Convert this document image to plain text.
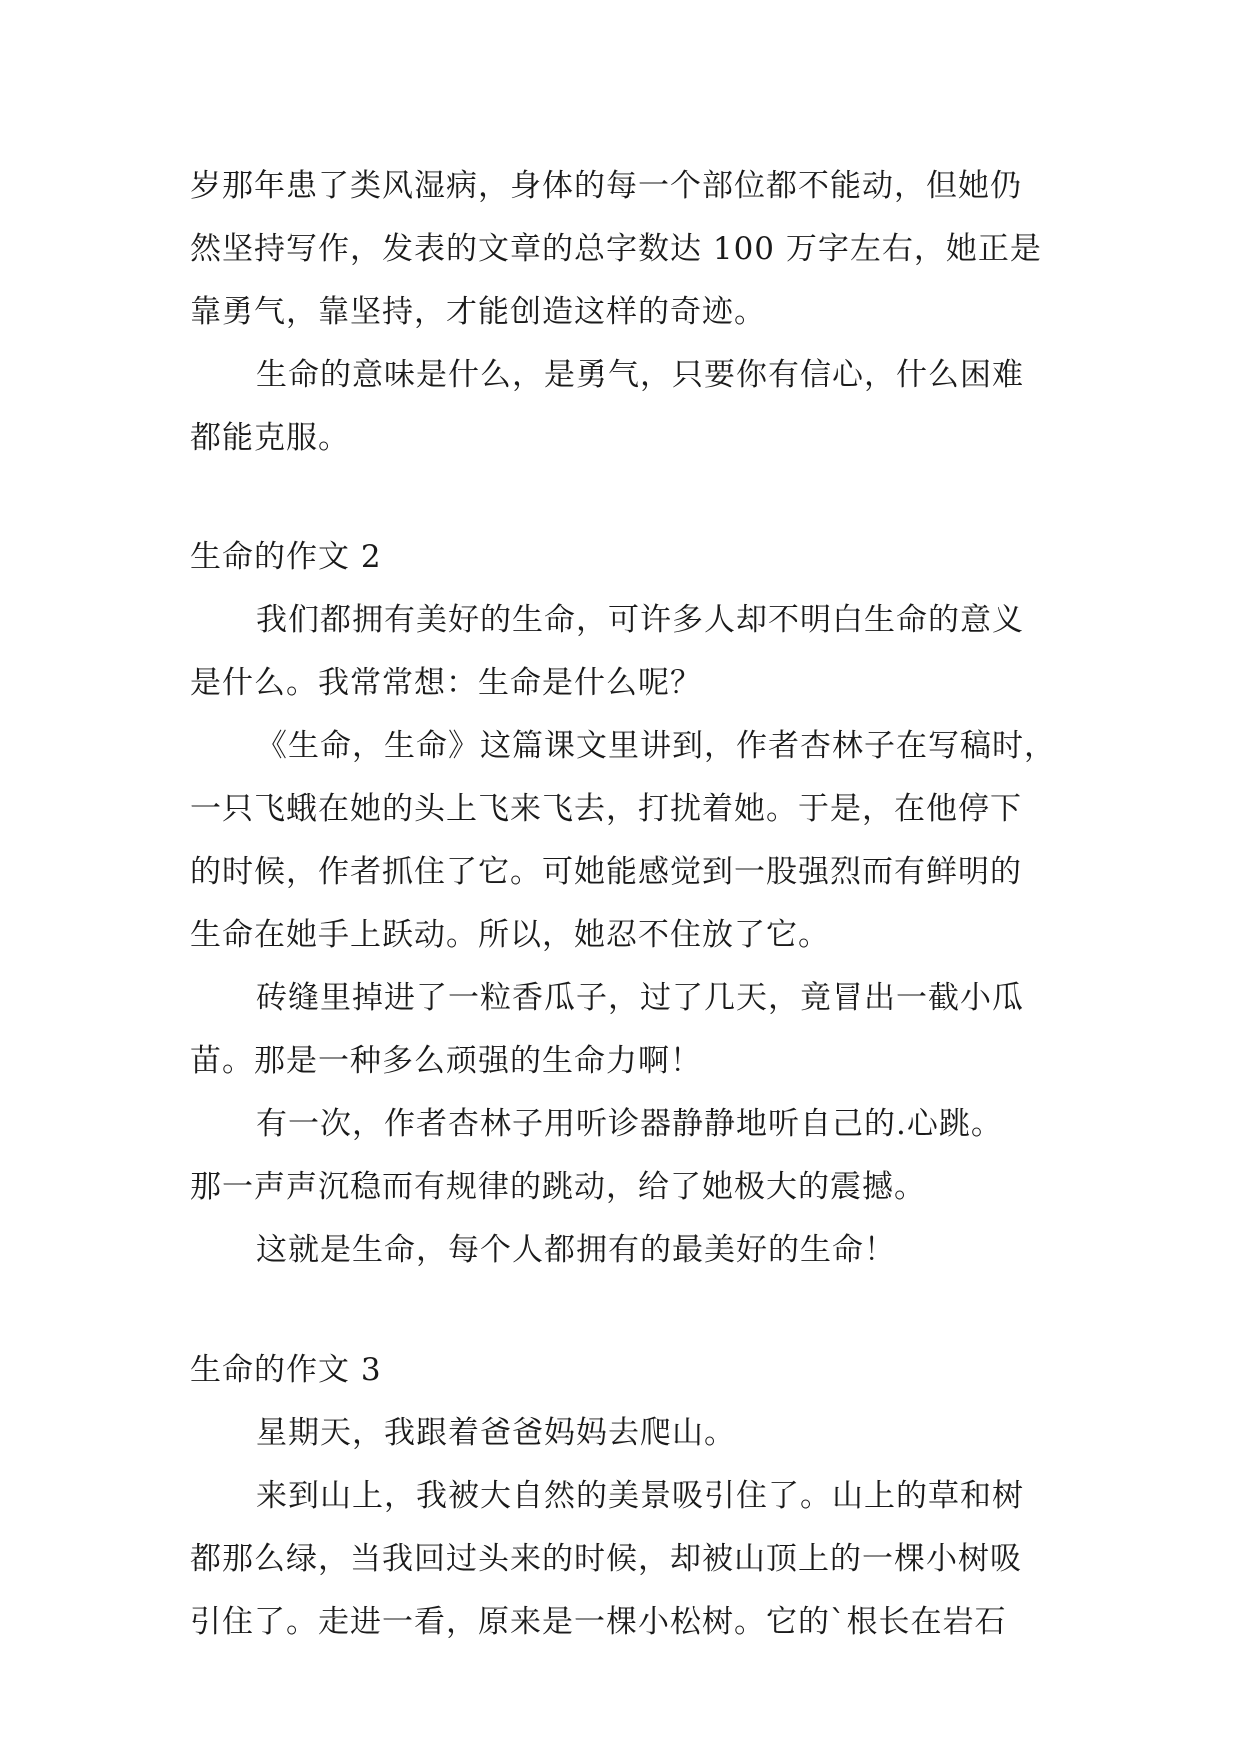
岁那年患了类风湿病，身体的每一个部位都不能动，但她仍
然坚持写作，发表的文章的总字数达 100 万字左右，她正是
靠勇气，靠坚持，才能创造这样的奇迹。
生命的意味是什么，是勇气，只要你有信心，什么困难
都能克服。
生命的作文 2
我们都拥有美好的生命，可许多人却不明白生命的意义
是什么。我常常想：生命是什么呢？
《生命，生命》这篇课文里讲到，作者杏林子在写稿时，
一只飞蛾在她的头上飞来飞去，打扰着她。于是，在他停下
的时候，作者抓住了它。可她能感觉到一股强烈而有鲜明的
生命在她手上跃动。所以，她忍不住放了它。
砖缝里掉进了一粒香瓜子，过了几天，竟冒出一截小瓜
苗。那是一种多么顽强的生命力啊！
有一次，作者杏林子用听诊器静静地听自己的.心跳。
那一声声沉稳而有规律的跳动，给了她极大的震撼。
这就是生命，每个人都拥有的最美好的生命！
生命的作文 3
星期天，我跟着爸爸妈妈去爬山。
来到山上，我被大自然的美景吸引住了。山上的草和树
都那么绿，当我回过头来的时候，却被山顶上的一棵小树吸
引住了。走进一看，原来是一棵小松树。它的`根长在岩石
